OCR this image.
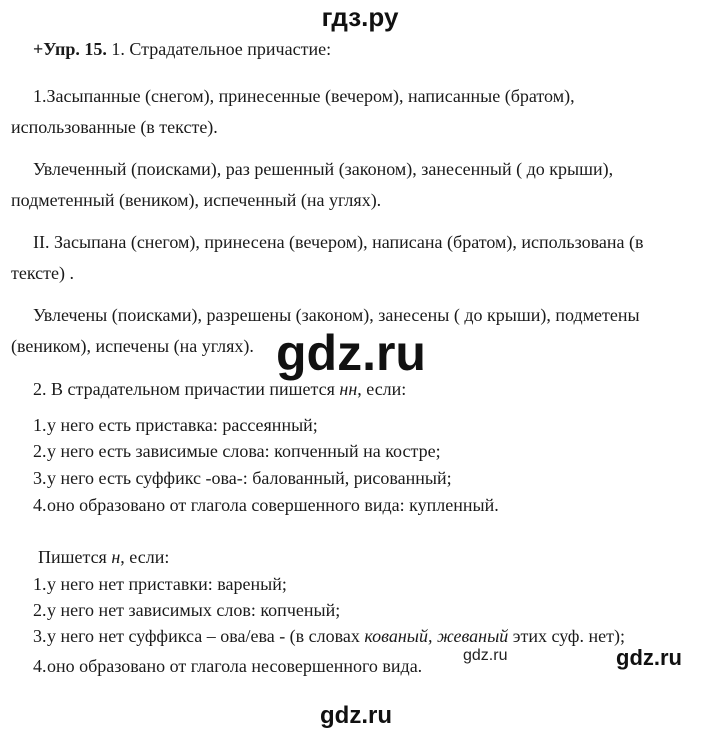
гдз.ру
+Упр. 15. 1. Страдательное причастие:
1.Засыпанные (снегом), принесенные (вечером), написанные (братом),
использованные (в тексте).
Увлеченный (поисками), раз решенный (законом), занесенный ( до крыши),
подметенный (веником), испеченный (на углях).
II. Засыпана (снегом), принесена (вечером), написана (братом), использована (в
тексте) .
Увлечены (поисками), разрешены (законом), занесены ( до крыши), подметены
(веником), испечены (на углях). gdz.ru
2. В страдательном причастии пишется нн, если:
1.у него есть приставка: рассеянный;
2.у него есть зависимые слова: копченный на костре;
3.у него есть суффикс -ова-: балованный, рисованный;
4.оно образовано от глагола совершенного вида: купленный.
Пишется н, если:
1.у него нет приставки: вареный;
2.у него нет зависимых слов: копченый;
3.у него нет суффикса – ова/ева - (в словах кованый, жеваный этих суф. нет);
4.оно образовано от глагола несовершенного вида.
gdz.ru	gdz.ru
gdz.ru
